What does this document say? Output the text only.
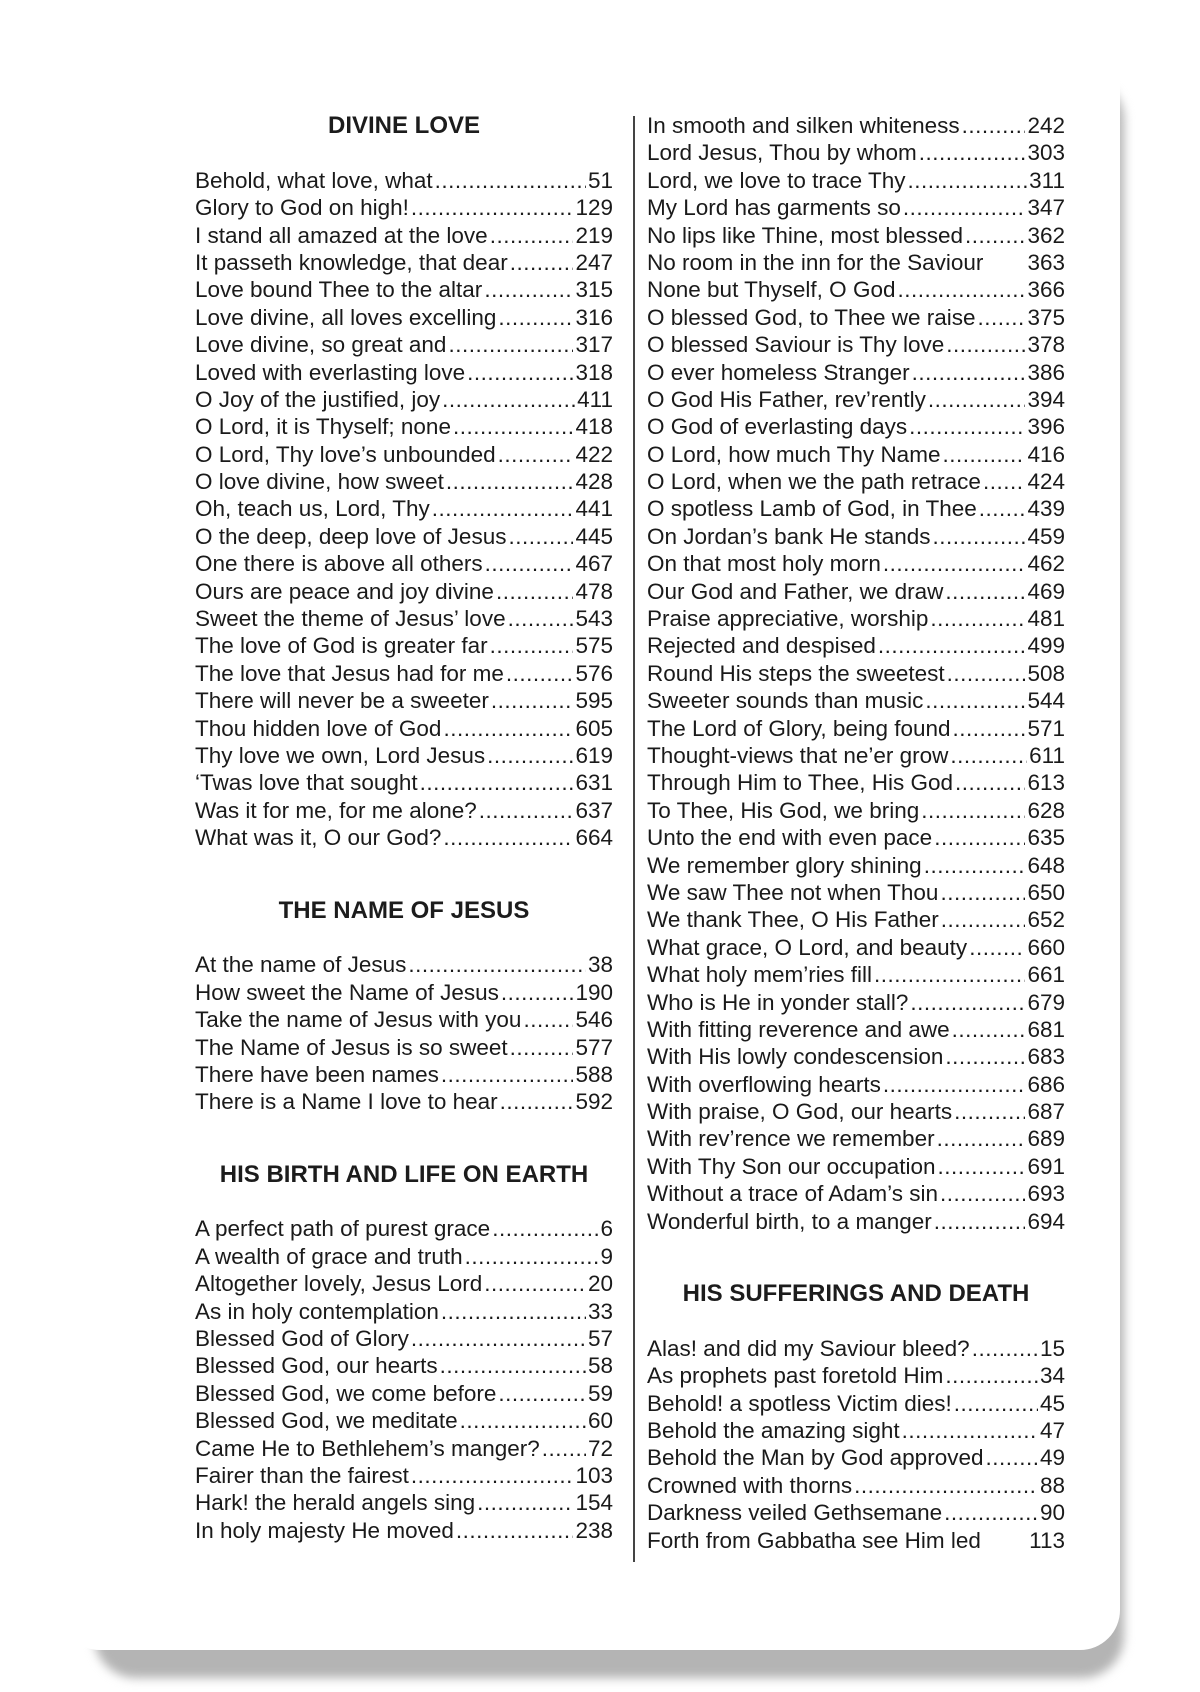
DIVINE LOVE
Behold, what love, what .....	51
Glory to God on high! .....	129
I stand all amazed at the love .....	219
It passeth knowledge, that dear .....	247
Love bound Thee to the altar .....	315
Love divine, all loves excelling .....	316
Love divine, so great and .....	317
Loved with everlasting love .....	318
O Joy of the justified, joy .....	411
O Lord, it is Thyself; none .....	418
O Lord, Thy love’s unbounded .....	422
O love divine, how sweet .....	428
Oh, teach us, Lord, Thy .....	441
O the deep, deep love of Jesus .....	445
One there is above all others .....	467
Ours are peace and joy divine .....	478
Sweet the theme of Jesus’ love .....	543
The love of God is greater far .....	575
The love that Jesus had for me .....	576
There will never be a sweeter .....	595
Thou hidden love of God .....	605
Thy love we own, Lord Jesus .....	619
‘Twas love that sought .....	631
Was it for me, for me alone? .....	637
What was it, O our God? .....	664
THE NAME OF JESUS
At the name of Jesus .....	38
How sweet the Name of Jesus .....	190
Take the name of Jesus with you ..... 546
The Name of Jesus is so sweet .....	577
There have been names .....	588
There is a Name I love to hear .....	592
HIS BIRTH AND LIFE ON EARTH
A perfect path of purest grace .....	6
A wealth of grace and truth .....	9
Altogether lovely, Jesus Lord .....	20
As in holy contemplation .....	33
Blessed God of Glory .....	57
Blessed God, our hearts .....	58
Blessed God, we come before .....	59
Blessed God, we meditate .....	60
Came He to Bethlehem’s manger? ..... 72
Fairer than the fairest .....	103
Hark! the herald angels sing .....	154
In holy majesty He moved .....	238
In smooth and silken whiteness .....	242
Lord Jesus, Thou by whom .....	303
Lord, we love to trace Thy .....	311
My Lord has garments so .....	347
No lips like Thine, most blessed .....	362
No room in the inn for the Saviour 363
None but Thyself, O God .....	366
O blessed God, to Thee we raise ..... 375
O blessed Saviour is Thy love .....	378
O ever homeless Stranger .....	386
O God His Father, rev’rently .....	394
O God of everlasting days .....	396
O Lord, how much Thy Name .....	416
O Lord, when we the path retrace ..... 424
O spotless Lamb of God, in Thee ..... 439
On Jordan’s bank He stands .....	459
On that most holy morn .....	462
Our God and Father, we draw .....	469
Praise appreciative, worship .....	481
Rejected and despised .....	499
Round His steps the sweetest .....	508
Sweeter sounds than music .....	544
The Lord of Glory, being found .....	571
Thought-views that ne’er grow .....	611
Through Him to Thee, His God .....	613
To Thee, His God, we bring .....	628
Unto the end with even pace .....	635
We remember glory shining .....	648
We saw Thee not when Thou .....	650
We thank Thee, O His Father .....	652
What grace, O Lord, and beauty .....	660
What holy mem’ries fill .....	661
Who is He in yonder stall? .....	679
With fitting reverence and awe .....	681
With His lowly condescension .....	683
With overflowing hearts .....	686
With praise, O God, our hearts .....	687
With rev’rence we remember .....	689
With Thy Son our occupation .....	691
Without a trace of Adam’s sin .....	693
Wonderful birth, to a manger .....	694
HIS SUFFERINGS AND DEATH
Alas! and did my Saviour bleed? .....	15
As prophets past foretold Him .....	34
Behold! a spotless Victim dies! .....	45
Behold the amazing sight .....	47
Behold the Man by God approved .....	49
Crowned with thorns .....	88
Darkness veiled Gethsemane .....	90
Forth from Gabbatha see Him led 113
